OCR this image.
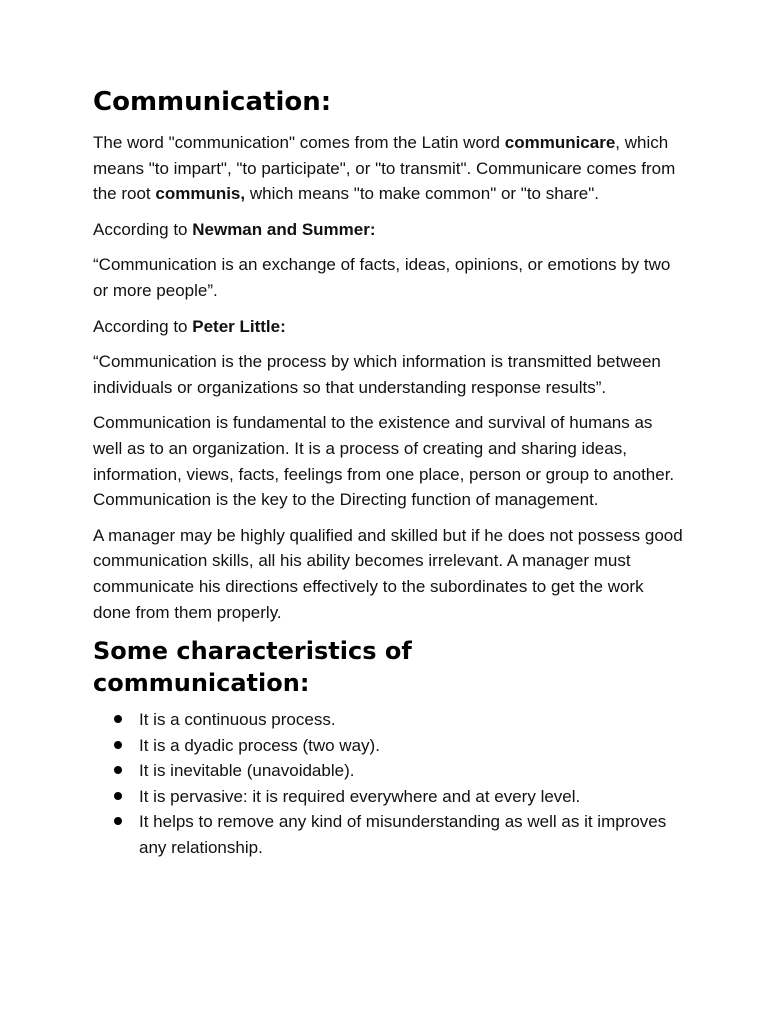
Communication:

The word "communication" comes from the Latin word communicare, which means "to impart", "to participate", or "to transmit". Communicare comes from the root communis, which means "to make common" or "to share".

According to Newman and Summer:

“Communication is an exchange of facts, ideas, opinions, or emotions by two or more people”.

According to Peter Little:

“Communication is the process by which information is transmitted between individuals or organizations so that understanding response results”.

Communication is fundamental to the existence and survival of humans as well as to an organization. It is a process of creating and sharing ideas, information, views, facts, feelings from one place, person or group to another. Communication is the key to the Directing function of management.

A manager may be highly qualified and skilled but if he does not possess good communication skills, all his ability becomes irrelevant. A manager must communicate his directions effectively to the subordinates to get the work done from them properly.

Some characteristics of
communication:
It is a continuous process.
It is a dyadic process (two way).
It is inevitable (unavoidable).
It is pervasive: it is required everywhere and at every level.
It helps to remove any kind of misunderstanding as well as it improves any relationship.
